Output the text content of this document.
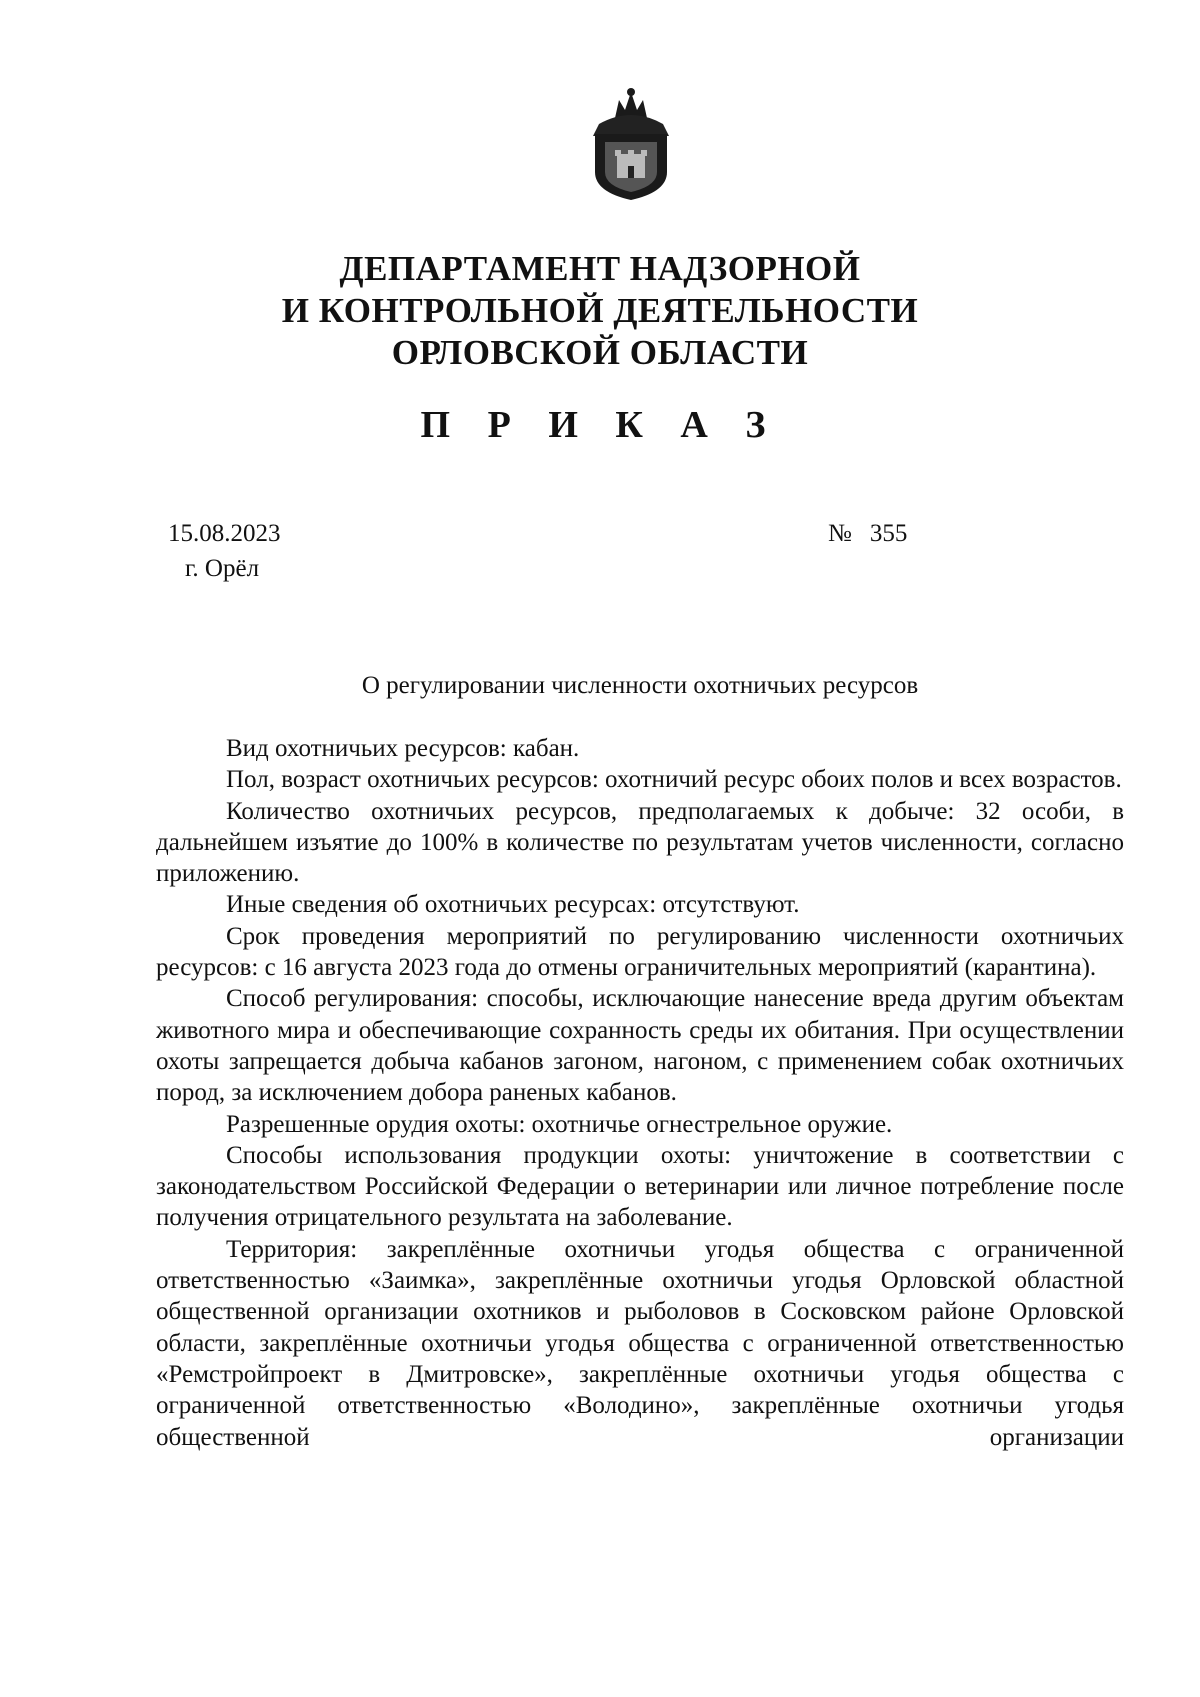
ДЕПАРТАМЕНТ НАДЗОРНОЙ
И КОНТРОЛЬНОЙ ДЕЯТЕЛЬНОСТИ
ОРЛОВСКОЙ ОБЛАСТИ
П Р И К А З
15.08.2023
г. Орёл
№ 355
О регулировании численности охотничьих ресурсов

Вид охотничьих ресурсов: кабан.

Пол, возраст охотничьих ресурсов: охотничий ресурс обоих полов и всех возрастов.

Количество охотничьих ресурсов, предполагаемых к добыче: 32 особи, в дальнейшем изъятие до 100% в количестве по результатам учетов численности, согласно приложению.

Иные сведения об охотничьих ресурсах: отсутствуют.

Срок проведения мероприятий по регулированию численности охотничьих ресурсов: с 16 августа 2023 года до отмены ограничительных мероприятий (карантина).

Способ регулирования: способы, исключающие нанесение вреда другим объектам животного мира и обеспечивающие сохранность среды их обитания. При осуществлении охоты запрещается добыча кабанов загоном, нагоном, с применением собак охотничьих пород, за исключением добора раненых кабанов.

Разрешенные орудия охоты: охотничье огнестрельное оружие.

Способы использования продукции охоты: уничтожение в соответствии с законодательством Российской Федерации о ветеринарии или личное потребление после получения отрицательного результата на заболевание.

Территория: закреплённые охотничьи угодья общества с ограниченной ответственностью «Заимка», закреплённые охотничьи угодья Орловской областной общественной организации охотников и рыболовов в Сосковском районе Орловской области, закреплённые охотничьи угодья общества с ограниченной ответственностью «Ремстройпроект в Дмитровске», закреплённые охотничьи угодья общества с ограниченной ответственностью «Володино», закреплённые охотничьи угодья общественной организации
